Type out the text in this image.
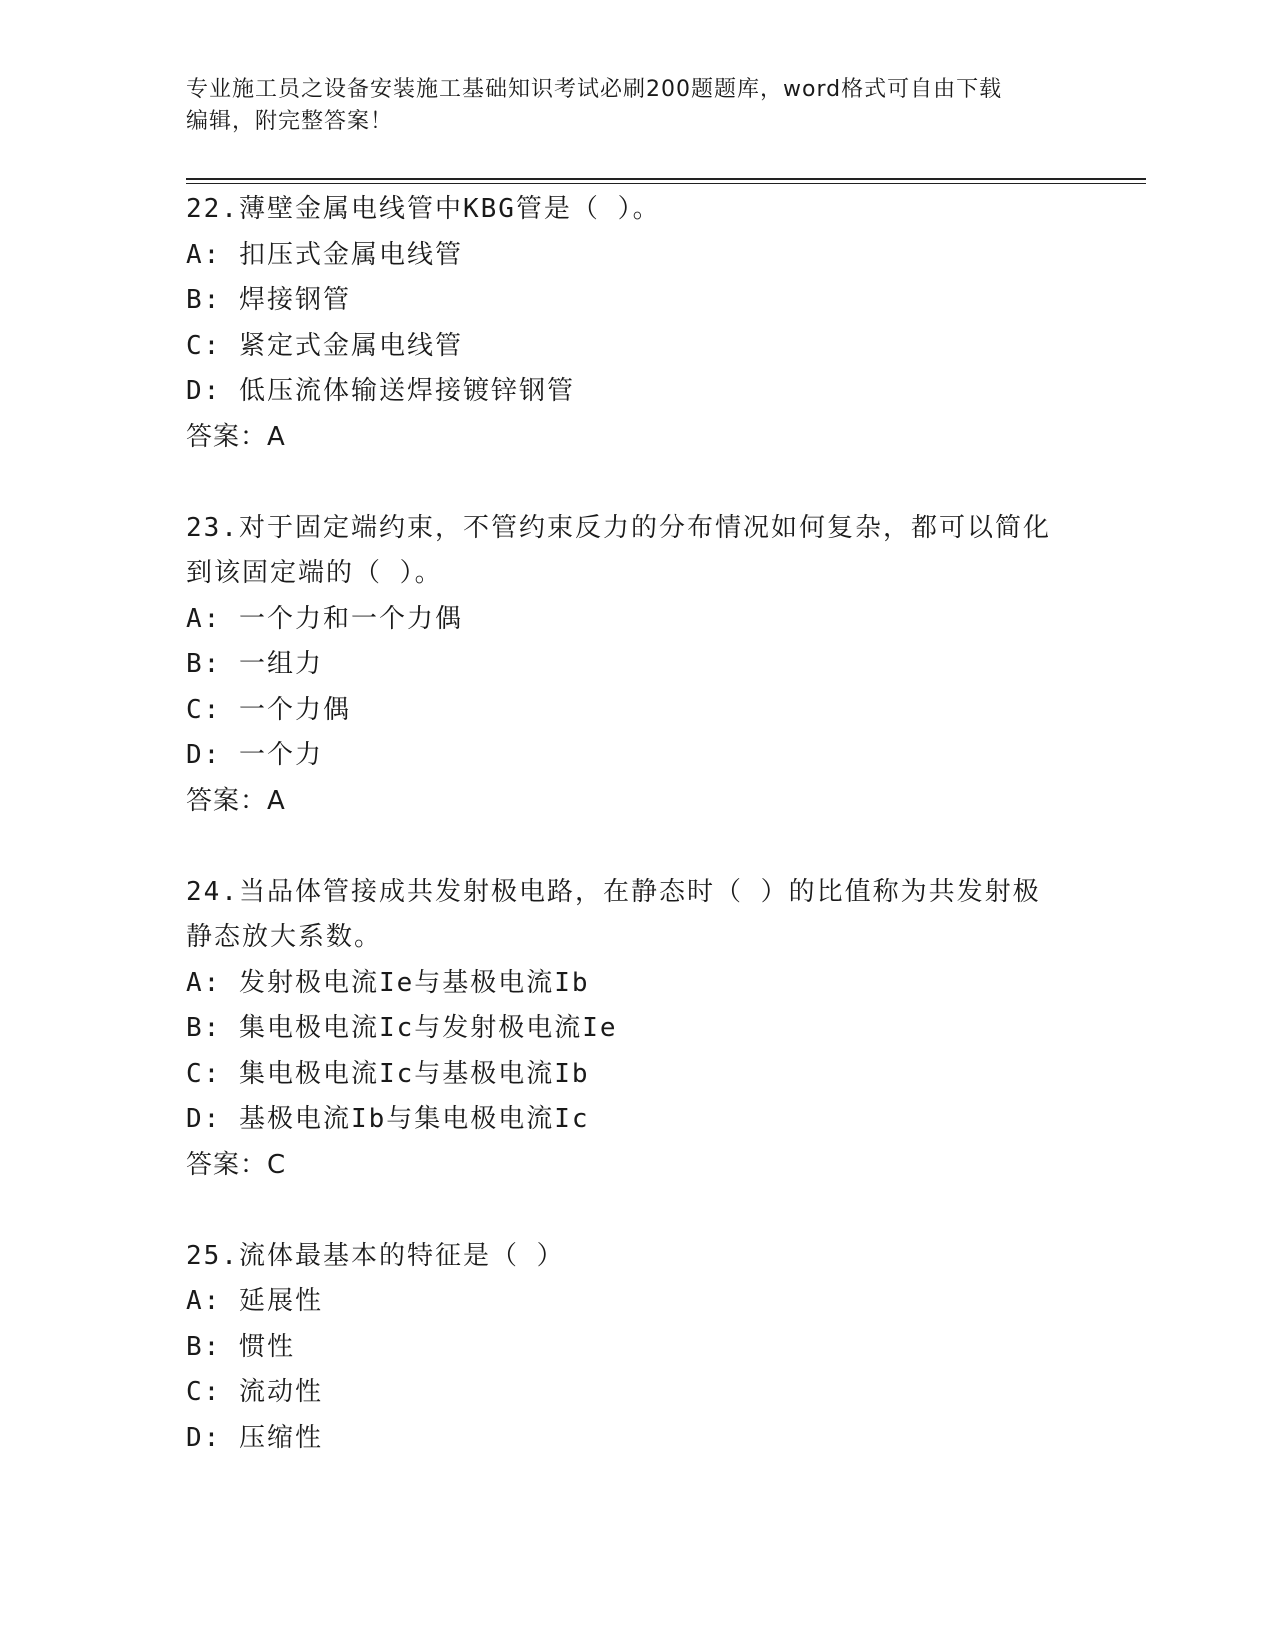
专业施工员之设备安装施工基础知识考试必刷200题题库，word格式可自由下载
编辑，附完整答案！
22.薄壁金属电线管中KBG管是（ ）。
A: 扣压式金属电线管
B: 焊接钢管
C: 紧定式金属电线管
D: 低压流体输送焊接镀锌钢管
答案：A
23.对于固定端约束，不管约束反力的分布情况如何复杂，都可以简化
到该固定端的（ ）。
A: 一个力和一个力偶
B: 一组力
C: 一个力偶
D: 一个力
答案：A
24.当品体管接成共发射极电路，在静态时（ ）的比值称为共发射极
静态放大系数。
A: 发射极电流Ie与基极电流Ib
B: 集电极电流Ic与发射极电流Ie
C: 集电极电流Ic与基极电流Ib
D: 基极电流Ib与集电极电流Ic
答案：C
25.流体最基本的特征是（ ）
A: 延展性
B: 惯性
C: 流动性
D: 压缩性
